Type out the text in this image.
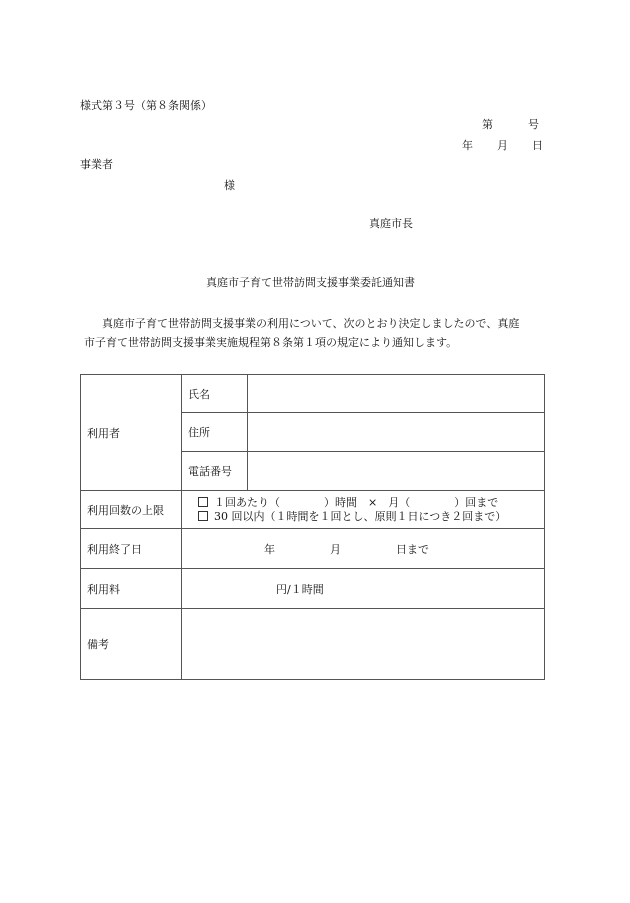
様式第３号（第８条関係）
第	号
年 月 日
事業者
様
真庭市長
真庭市子育て世帯訪問支援事業委託通知書
真庭市子育て世帯訪問支援事業の利用について、次のとおり決定しましたので、真庭
市子育て世帯訪問支援事業実施規程第８条第１項の規定により通知します。
利用者	氏名	
	住所	
	電話番号	
利用回数の上限	１回あたり（　　　　）時間　×　月（　　　　）回まで
30 回以内（１時間を１回とし、原則１日につき２回まで）	

利用終了日	年　　　　　月　　　　　日まで	
利用料	円/１時間	
備考		
